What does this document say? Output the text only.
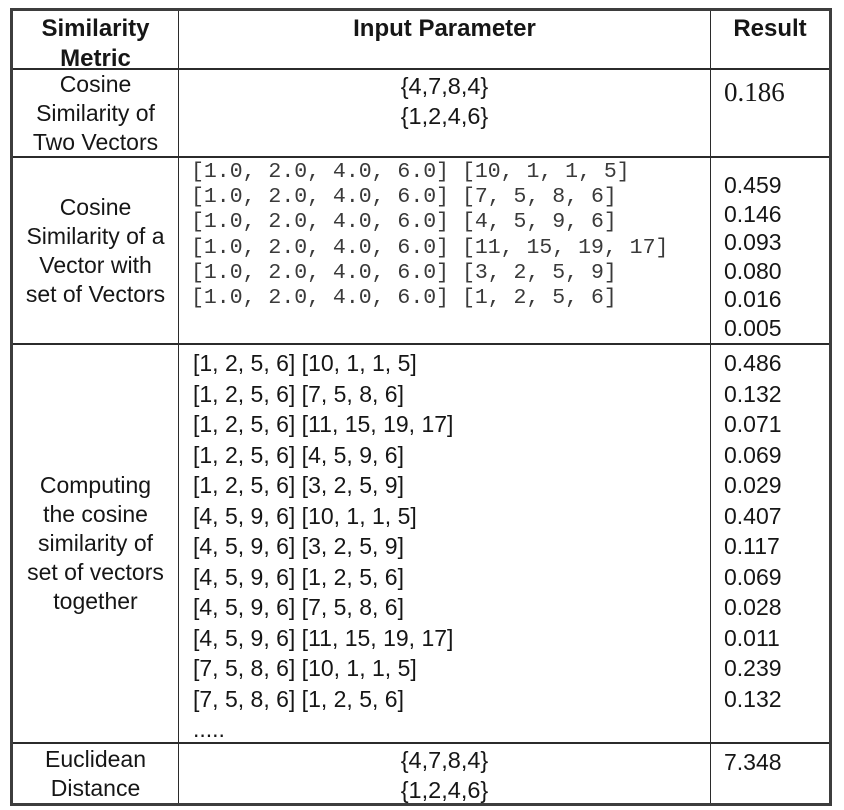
Similarity
Metric
Input Parameter	Result
Cosine
Similarity of
Two Vectors
{4,7,8,4}
{1,2,4,6}
0.186
Cosine
Similarity of a
Vector with
set of Vectors
[1.0, 2.0, 4.0, 6.0] [10, 1, 1, 5]
[1.0, 2.0, 4.0, 6.0] [7, 5, 8, 6]
[1.0, 2.0, 4.0, 6.0] [4, 5, 9, 6]
[1.0, 2.0, 4.0, 6.0] [11, 15, 19, 17]
[1.0, 2.0, 4.0, 6.0] [3, 2, 5, 9]
[1.0, 2.0, 4.0, 6.0] [1, 2, 5, 6]
0.459
0.146
0.093
0.080
0.016
0.005
Computing
the cosine
similarity of
set of vectors
together
[1, 2, 5, 6] [10, 1, 1, 5]
[1, 2, 5, 6] [7, 5, 8, 6]
[1, 2, 5, 6] [11, 15, 19, 17]
[1, 2, 5, 6] [4, 5, 9, 6]
[1, 2, 5, 6] [3, 2, 5, 9]
[4, 5, 9, 6] [10, 1, 1, 5]
[4, 5, 9, 6] [3, 2, 5, 9]
[4, 5, 9, 6] [1, 2, 5, 6]
[4, 5, 9, 6] [7, 5, 8, 6]
[4, 5, 9, 6] [11, 15, 19, 17]
[7, 5, 8, 6] [10, 1, 1, 5]
[7, 5, 8, 6] [1, 2, 5, 6]
.....
0.486
0.132
0.071
0.069
0.029
0.407
0.117
0.069
0.028
0.011
0.239
0.132
Euclidean
Distance
{4,7,8,4}
{1,2,4,6}
7.348
